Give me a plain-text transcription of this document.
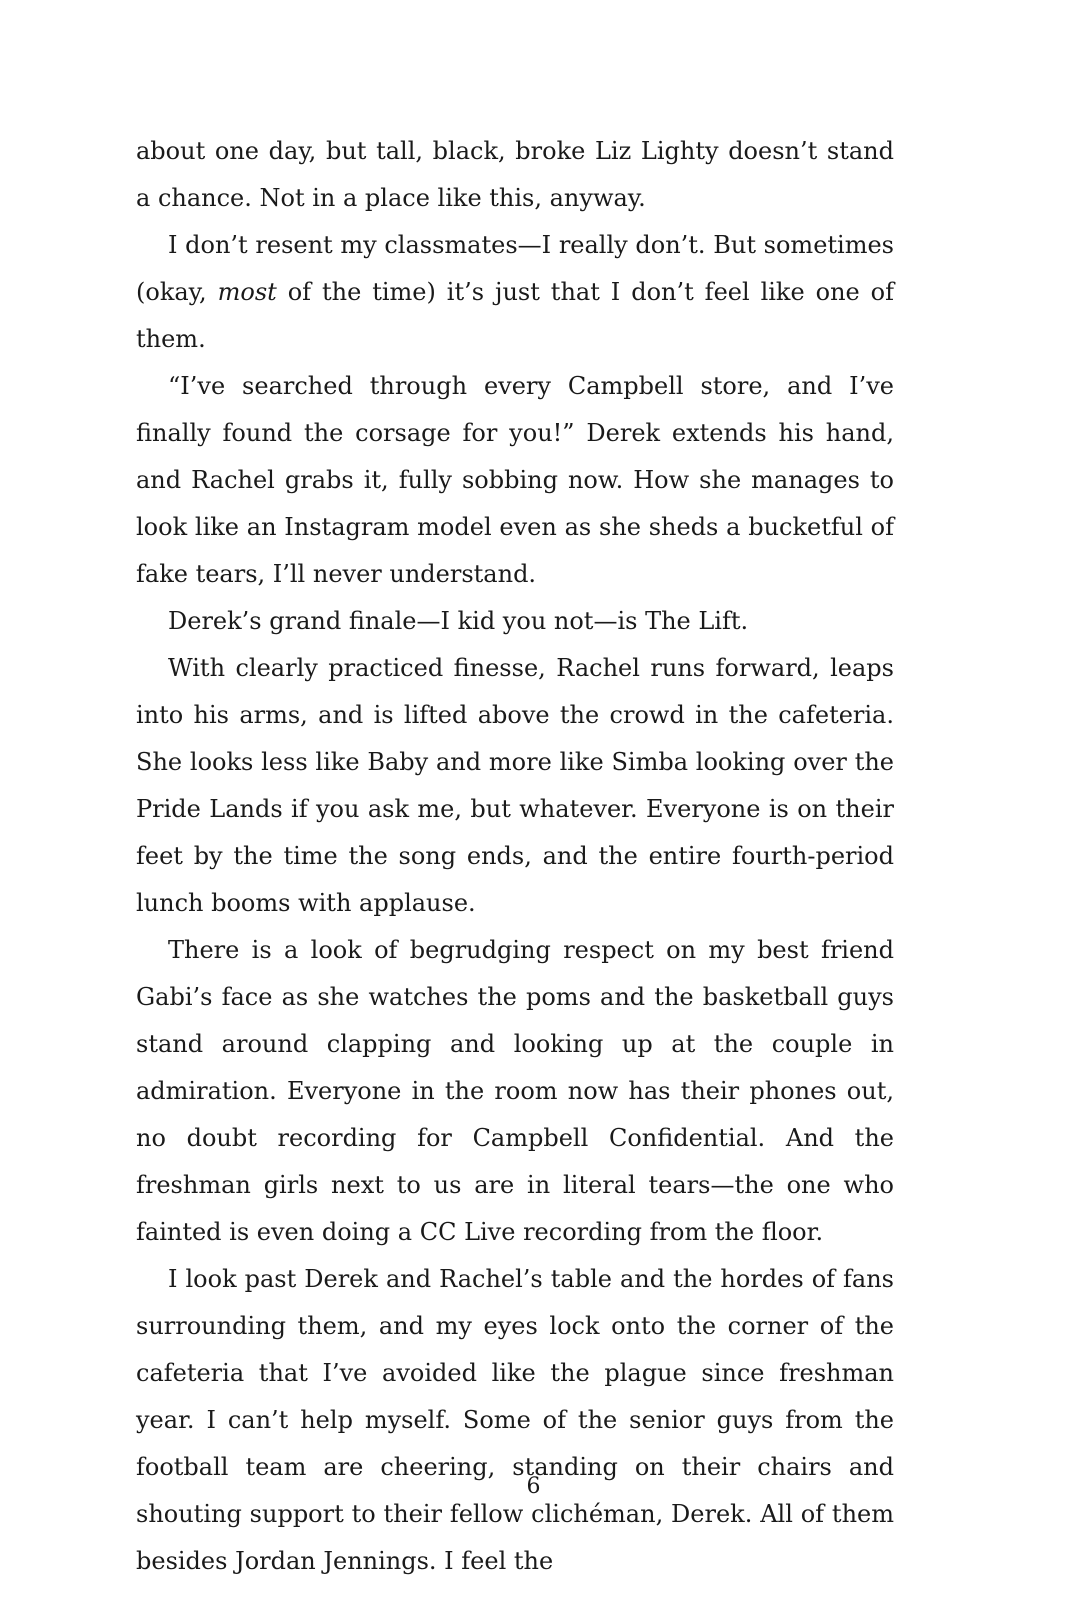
about one day, but tall, black, broke Liz Lighty doesn’t stand a chance. Not in a place like this, anyway.

I don’t resent my classmates—I really don’t. But sometimes (okay, most of the time) it’s just that I don’t feel like one of them.

“I’ve searched through every Campbell store, and I’ve finally found the corsage for you!” Derek extends his hand, and Rachel grabs it, fully sobbing now. How she manages to look like an Instagram model even as she sheds a bucketful of fake tears, I’ll never understand.

Derek’s grand finale—I kid you not—is The Lift.

With clearly practiced finesse, Rachel runs forward, leaps into his arms, and is lifted above the crowd in the cafeteria. She looks less like Baby and more like Simba looking over the Pride Lands if you ask me, but whatever. Everyone is on their feet by the time the song ends, and the entire fourth-period lunch booms with applause.

There is a look of begrudging respect on my best friend Gabi’s face as she watches the poms and the basketball guys stand around clapping and looking up at the couple in admiration. Everyone in the room now has their phones out, no doubt recording for Campbell Confidential. And the freshman girls next to us are in literal tears—the one who fainted is even doing a CC Live recording from the floor.

I look past Derek and Rachel’s table and the hordes of fans surrounding them, and my eyes lock onto the corner of the cafeteria that I’ve avoided like the plague since freshman year. I can’t help myself. Some of the senior guys from the football team are cheering, standing on their chairs and shouting support to their fellow clichéman, Derek. All of them besides Jordan Jennings. I feel the

6
